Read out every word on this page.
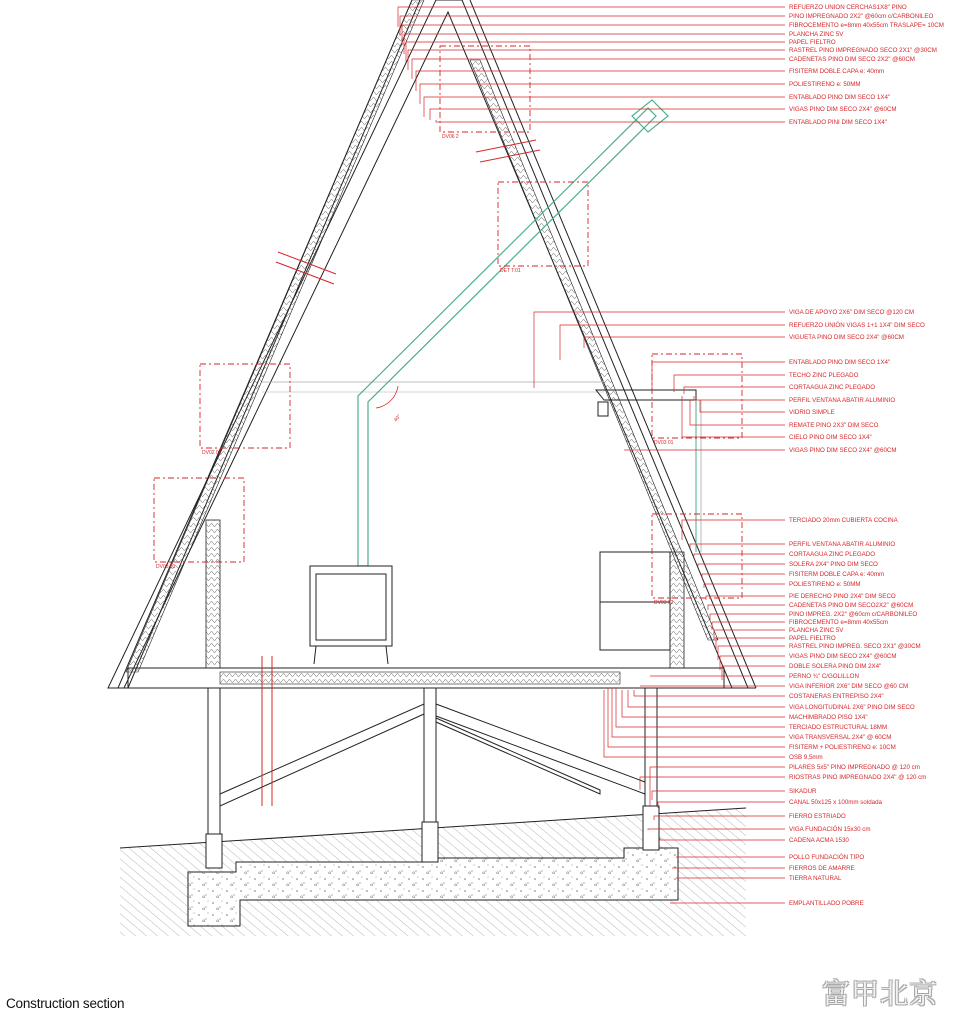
DV06 2
DET T:01
DV02 01
DV03 01
DV03 01
DV03 02
40°
REFUERZO UNION CERCHAS1X8" PINO
PINO IMPREGNADO 2X2" @60cm c/CARBONILEO
FIBROCEMENTO e=8mm 40x55cm TRASLAPE= 10CM
PLANCHA ZINC 5V
PAPEL FIELTRO
RASTREL PINO IMPREGNADO SECO 2X1" @30CM
CADENETAS PINO DIM SECO 2X2" @60CM
FISITERM DOBLE CAPA e: 40mm
POLIESTIRENO e: 50MM
ENTABLADO PINO DIM SECO 1X4"
VIGAS PINO DIM SECO 2X4" @60CM
ENTABLADO PINI DIM SECO 1X4"
VIGA DE APOYO 2X6" DIM SECO @120 CM
REFUERZO UNIÓN VIGAS 1+1 1X4" DIM SECO
VIGUETA PINO DIM SECO 2X4" @60CM
ENTABLADO PINO DIM SECO 1X4"
TECHO ZINC PLEGADO
CORTAAGUA ZINC PLEGADO
PERFIL VENTANA ABATIR ALUMINIO
VIDRIO SIMPLE
REMATE PINO 2X3" DIM SECO
CIELO PINO DIM SECO 1X4"
VIGAS PINO DIM SECO 2X4" @60CM
TERCIADO 20mm CUBIERTA COCINA
PERFIL VENTANA ABATIR ALUMINIO
CORTAAGUA ZINC PLEGADO
SOLERA 2X4" PINO DIM SECO
FISITERM DOBLE CAPA e: 40mm
POLIESTIRENO e: 50MM
PIE DERECHO PINO 2X4" DIM SECO
CADENETAS PINO DIM SECO2X2" @60CM
PINO IMPREG. 2X2" @60cm c/CARBONILEO
FIBROCEMENTO e=8mm 40x55cm
PLANCHA ZINC 5V
PAPEL FIELTRO
RASTREL PINO IMPREG. SECO 2X1" @30CM
VIGAS PINO DIM SECO 2X4" @60CM
DOBLE SOLERA PINO DIM 2X4"
PERNO ¾" C/GOLILLON
VIGA INFERIOR 2X6" DIM SECO @60 CM
COSTANERAS ENTREPISO 2X4"
VIGA LONGITUDINAL 2X6" PINO DIM SECO
MACHIMBRADO PISO 1X4"
TERCIADO ESTRUCTURAL 18MM
VIGA TRANSVERSAL 2X4" @ 60CM
FISITERM + POLIESTIRENO e: 10CM
OSB 9,5mm
PILARES 5x5" PINO IMPREGNADO @ 120 cm
RIOSTRAS PINO IMPREGNADO 2X4" @ 120 cm
SIKADUR
CANAL 50x125 x 100mm soldada
FIERRO ESTRIADO
VIGA FUNDACIÓN 15x30 cm
CADENA ACMA 1530
POLLO FUNDACIÓN TIPO
FIERROS DE AMARRE
TIERRA NATURAL
EMPLANTILLADO POBRE
Construction section	富甲北京
